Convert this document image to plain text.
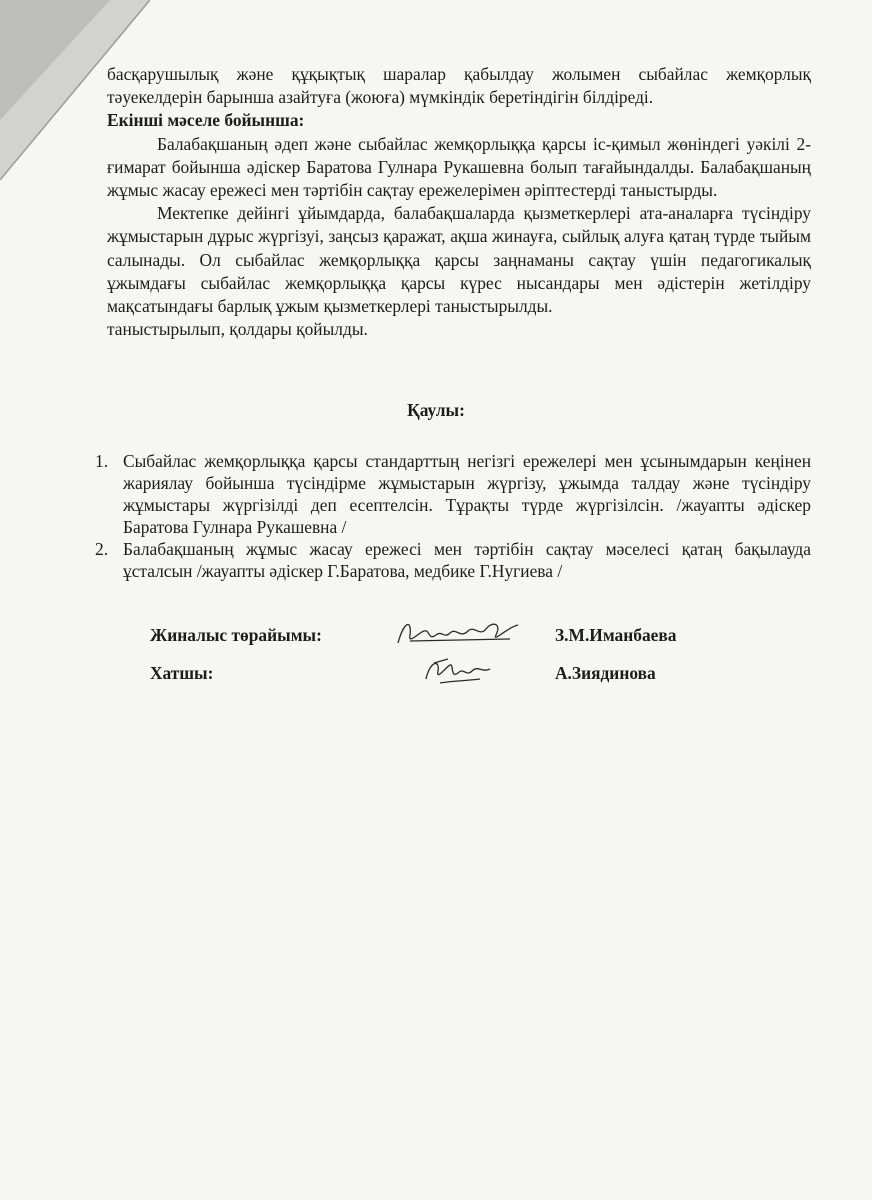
басқарушылық және құқықтық шаралар қабылдау жолымен сыбайлас жемқорлық тәуекелдерін барынша азайтуға (жоюға) мүмкіндік беретіндігін білдіреді.

Екінші мәселе бойынша:

Балабақшаның әдеп және сыбайлас жемқорлыққа қарсы іс-қимыл жөніндегі уәкілі 2-ғимарат бойынша әдіскер Баратова Гулнара Рукашевна болып тағайындалды. Балабақшаның жұмыс жасау ережесі мен тәртібін сақтау ережелерімен әріптестерді таныстырды.

Мектепке дейінгі ұйымдарда, балабақшаларда қызметкерлері ата-аналарға түсіндіру жұмыстарын дұрыс жүргізуі, заңсыз қаражат, ақша жинауға, сыйлық алуға қатаң түрде тыйым салынады. Ол сыбайлас жемқорлыққа қарсы заңнаманы сақтау үшін педагогикалық ұжымдағы сыбайлас жемқорлыққа қарсы күрес нысандары мен әдістерін жетілдіру мақсатындағы барлық ұжым қызметкерлері таныстырылды.

таныстырылып, қолдары қойылды.

Қаулы:
1. Сыбайлас жемқорлыққа қарсы стандарттың негізгі ережелері мен ұсынымдарын кеңінен жариялау бойынша түсіндірме жұмыстарын жүргізу, ұжымда талдау және түсіндіру жұмыстары жүргізілді деп есептелсін. Тұрақты түрде жүргізілсін. /жауапты әдіскер Баратова Гулнара Рукашевна /
2. Балабақшаның жұмыс жасау ережесі мен тәртібін сақтау мәселесі қатаң бақылауда ұсталсын /жауапты әдіскер Г.Баратова, медбике Г.Нугиева /
Жиналыс төрайымы:	З.М.Иманбаева
Хатшы:	А.Зиядинова
